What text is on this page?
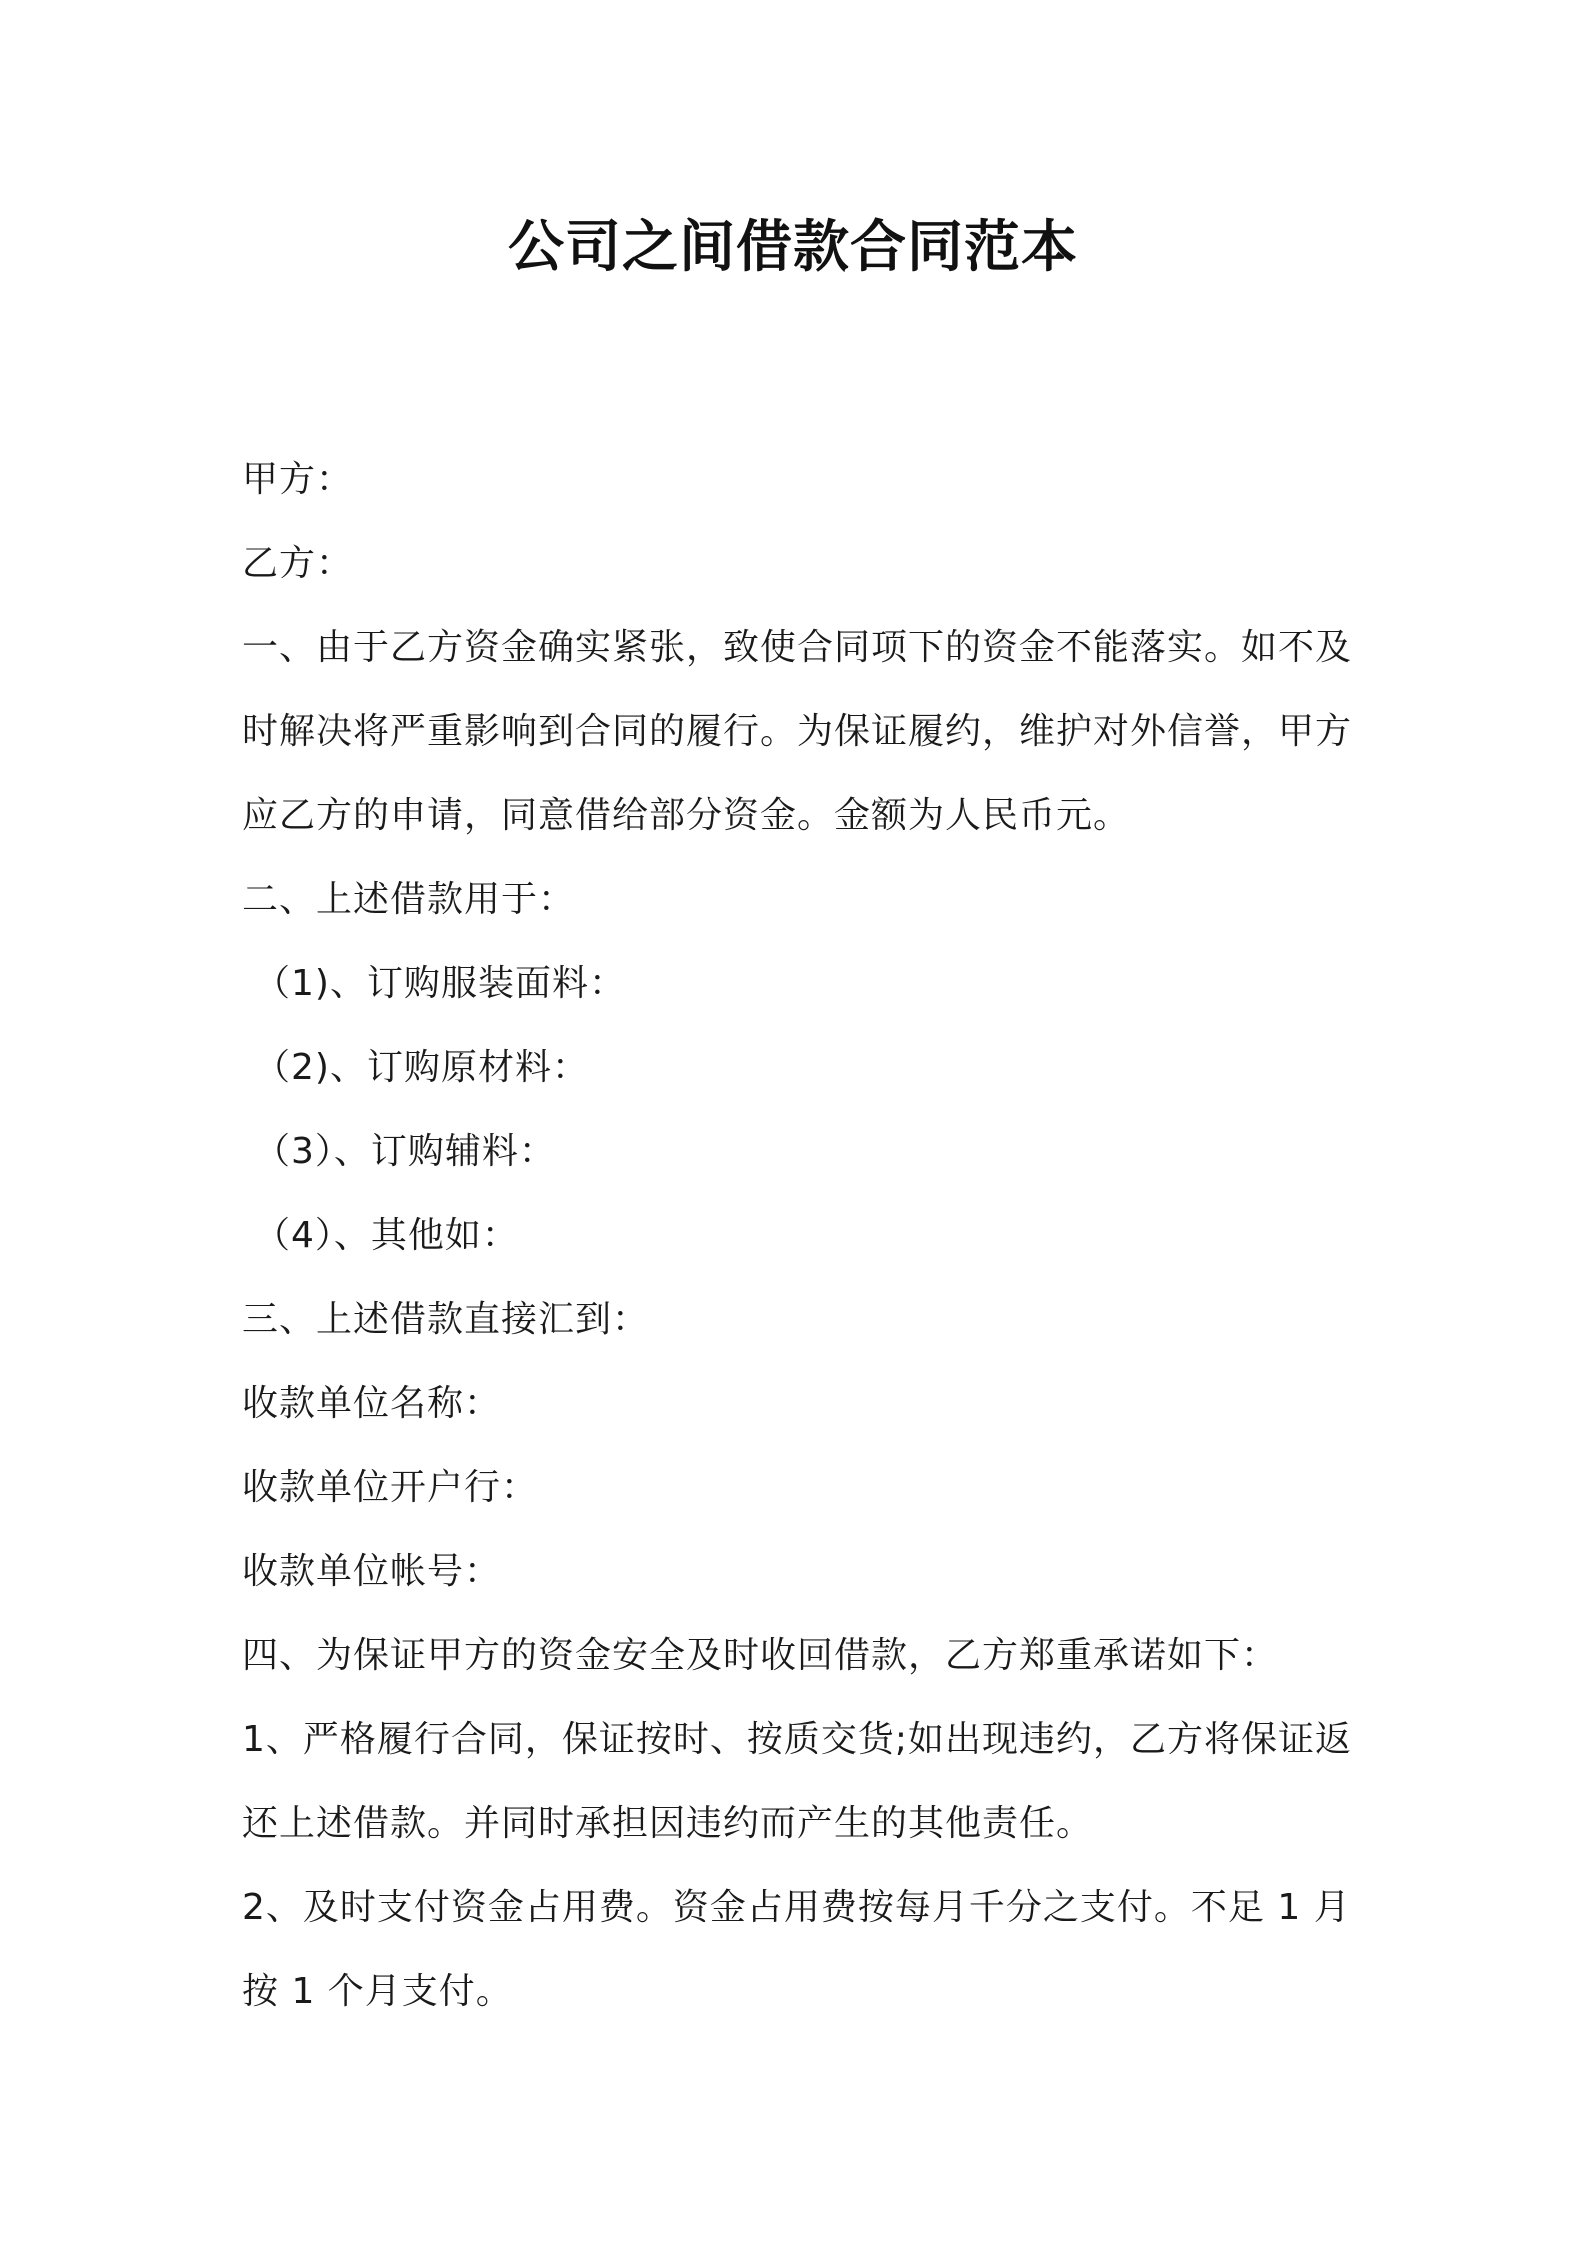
公司之间借款合同范本
甲方：
乙方：
一、由于乙方资金确实紧张，致使合同项下的资金不能落实。如不及
时解决将严重影响到合同的履行。为保证履约，维护对外信誉，甲方
应乙方的申请，同意借给部分资金。金额为人民币元。
二、上述借款用于：
（1)、订购服装面料：
（2)、订购原材料：
（3）、订购辅料：
（4）、其他如：
三、上述借款直接汇到：
收款单位名称：
收款单位开户行：
收款单位帐号：
四、为保证甲方的资金安全及时收回借款，乙方郑重承诺如下：
1、严格履行合同，保证按时、按质交货;如出现违约，乙方将保证返
还上述借款。并同时承担因违约而产生的其他责任。
2、及时支付资金占用费。资金占用费按每月千分之支付。不足 1 月
按 1 个月支付。
